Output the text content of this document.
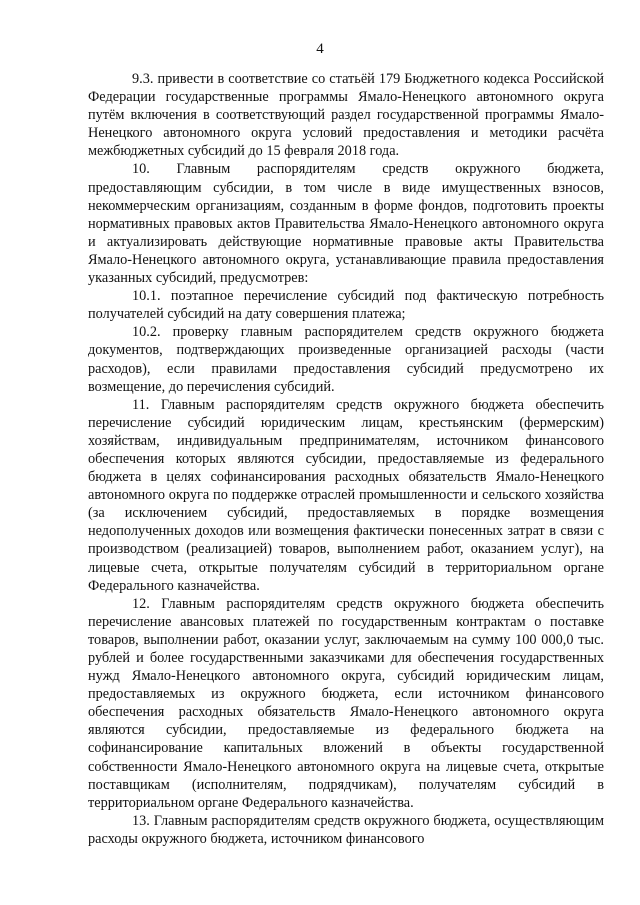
4

9.3. привести в соответствие со статьёй 179 Бюджетного кодекса Российской Федерации государственные программы Ямало-Ненецкого автономного округа путём включения в соответствующий раздел государственной программы Ямало-Ненецкого автономного округа условий предоставления и методики расчёта межбюджетных субсидий до 15 февраля 2018 года.

10. Главным распорядителям средств окружного бюджета, предоставляющим субсидии, в том числе в виде имущественных взносов, некоммерческим организациям, созданным в форме фондов, подготовить проекты нормативных правовых актов Правительства Ямало-Ненецкого автономного округа и актуализировать действующие нормативные правовые акты Правительства Ямало-Ненецкого автономного округа, устанавливающие правила предоставления указанных субсидий, предусмотрев:

10.1. поэтапное перечисление субсидий под фактическую потребность получателей субсидий на дату совершения платежа;

10.2. проверку главным распорядителем средств окружного бюджета документов, подтверждающих произведенные организацией расходы (части расходов), если правилами предоставления субсидий предусмотрено их возмещение, до перечисления субсидий.

11. Главным распорядителям средств окружного бюджета обеспечить перечисление субсидий юридическим лицам, крестьянским (фермерским) хозяйствам, индивидуальным предпринимателям, источником финансового обеспечения которых являются субсидии, предоставляемые из федерального бюджета в целях софинансирования расходных обязательств Ямало-Ненецкого автономного округа по поддержке отраслей промышленности и сельского хозяйства (за исключением субсидий, предоставляемых в порядке возмещения недополученных доходов или возмещения фактически понесенных затрат в связи с производством (реализацией) товаров, выполнением работ, оказанием услуг), на лицевые счета, открытые получателям субсидий в территориальном органе Федерального казначейства.

12. Главным распорядителям средств окружного бюджета обеспечить перечисление авансовых платежей по государственным контрактам о поставке товаров, выполнении работ, оказании услуг, заключаемым на сумму 100 000,0 тыс. рублей и более государственными заказчиками для обеспечения государственных нужд Ямало-Ненецкого автономного округа, субсидий юридическим лицам, предоставляемых из окружного бюджета, если источником финансового обеспечения расходных обязательств Ямало-Ненецкого автономного округа являются субсидии, предоставляемые из федерального бюджета на софинансирование капитальных вложений в объекты государственной собственности Ямало-Ненецкого автономного округа на лицевые счета, открытые поставщикам (исполнителям, подрядчикам), получателям субсидий в территориальном органе Федерального казначейства.

13. Главным распорядителям средств окружного бюджета, осуществляющим расходы окружного бюджета, источником финансового
